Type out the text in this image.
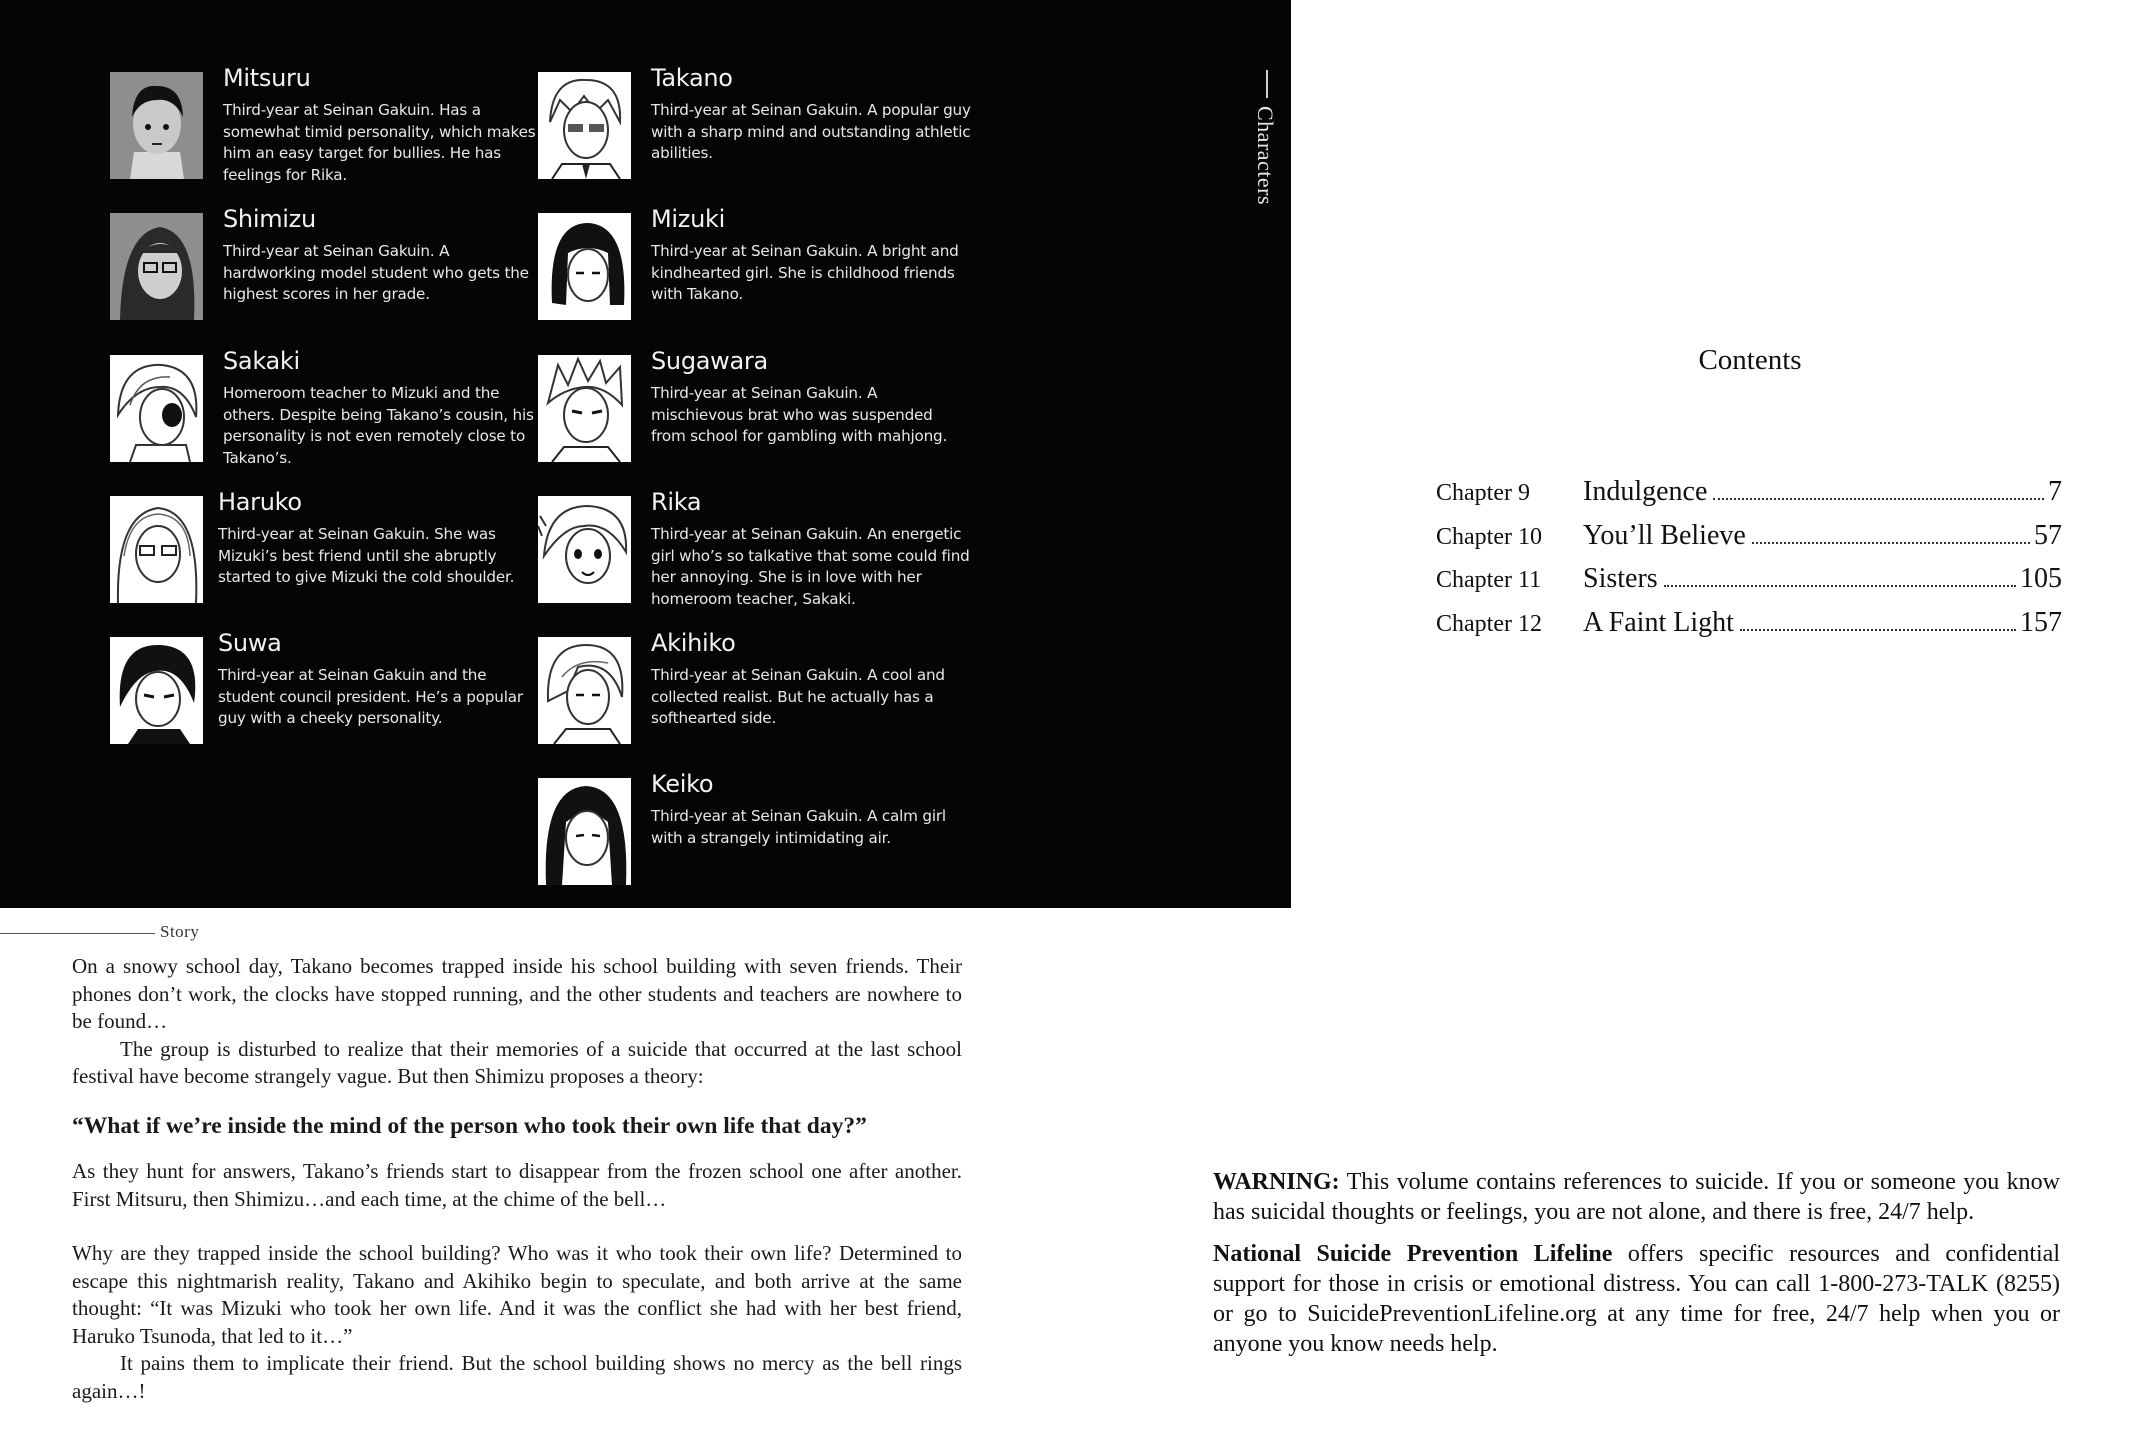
Mitsuru
Third-year at Seinan Gakuin. Has a somewhat timid personality, which makes him an easy target for bullies. He has feelings for Rika.
Shimizu
Third-year at Seinan Gakuin. A hardworking model student who gets the highest scores in her grade.
Sakaki
Homeroom teacher to Mizuki and the others. Despite being Takano’s cousin, his personality is not even remotely close to Takano’s.
Haruko
Third-year at Seinan Gakuin. She was Mizuki’s best friend until she abruptly started to give Mizuki the cold shoulder.
Suwa
Third-year at Seinan Gakuin and the student council president. He’s a popular guy with a cheeky personality.
Takano
Third-year at Seinan Gakuin. A popular guy with a sharp mind and outstanding athletic abilities.
Mizuki
Third-year at Seinan Gakuin. A bright and kindhearted girl. She is childhood friends with Takano.
Sugawara
Third-year at Seinan Gakuin. A mischievous brat who was suspended from school for gambling with mahjong.
Rika
Third-year at Seinan Gakuin. An energetic girl who’s so talkative that some could find her annoying. She is in love with her homeroom teacher, Sakaki.
Akihiko
Third-year at Seinan Gakuin. A cool and collected realist. But he actually has a softhearted side.
Keiko
Third-year at Seinan Gakuin. A calm girl with a strangely intimidating air.
Characters
Story

On a snowy school day, Takano becomes trapped inside his school building with seven friends. Their phones don’t work, the clocks have stopped running, and the other students and teachers are nowhere to be found…

The group is disturbed to realize that their memories of a suicide that occurred at the last school festival have become strangely vague. But then Shimizu proposes a theory:

“What if we’re inside the mind of the person who took their own life that day?”

As they hunt for answers, Takano’s friends start to disappear from the frozen school one after another. First Mitsuru, then Shimizu…and each time, at the chime of the bell…

Why are they trapped inside the school building? Who was it who took their own life? Determined to escape this nightmarish reality, Takano and Akihiko begin to speculate, and both arrive at the same thought: “It was Mizuki who took her own life. And it was the conflict she had with her best friend, Haruko Tsunoda, that led to it…”

It pains them to implicate their friend. But the school building shows no mercy as the bell rings again…!

Contents
Chapter 9	Indulgence	7
Chapter 10	You’ll Believe	57
Chapter 11	Sisters	105
Chapter 12	A Faint Light	157

WARNING: This volume contains references to suicide. If you or someone you know has suicidal thoughts or feelings, you are not alone, and there is free, 24/7 help.

National Suicide Prevention Lifeline offers specific resources and confidential support for those in crisis or emotional distress. You can call 1-800-273-TALK (8255) or go to SuicidePreventionLifeline.org at any time for free, 24/7 help when you or anyone you know needs help.
